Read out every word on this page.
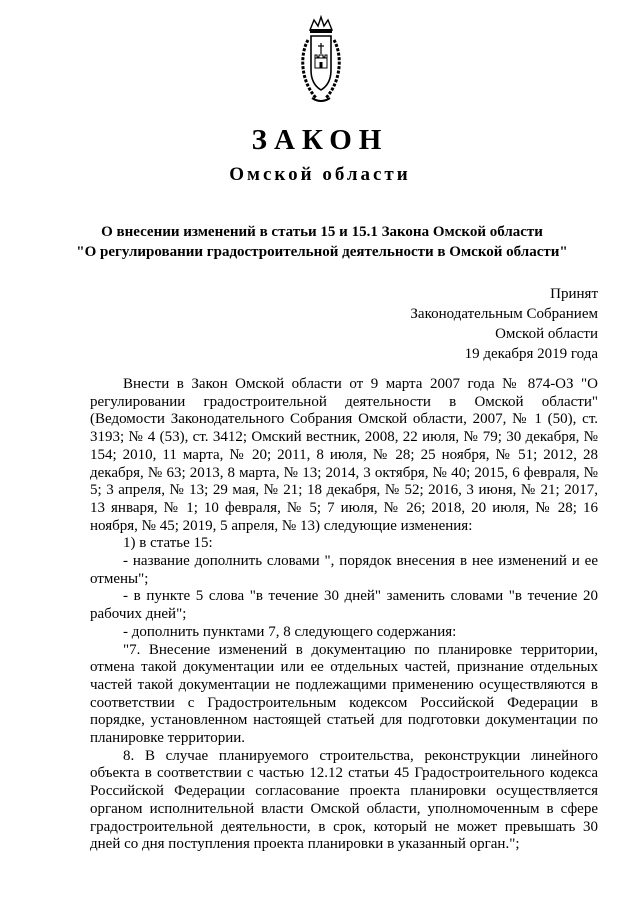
ЗАКОН
Омской области
О внесении изменений в статьи 15 и 15.1 Закона Омской области
"О регулировании градостроительной деятельности в Омской области"
Принят
Законодательным Собранием
Омской области
19 декабря 2019 года

Внести в Закон Омской области от 9 марта 2007 года № 874-ОЗ "О регулировании градостроительной деятельности в Омской области" (Ведомости Законодательного Собрания Омской области, 2007, № 1 (50), ст. 3193; № 4 (53), ст. 3412; Омский вестник, 2008, 22 июля, № 79; 30 декабря, № 154; 2010, 11 марта, № 20; 2011, 8 июля, № 28; 25 ноября, № 51; 2012, 28 декабря, № 63; 2013, 8 марта, № 13; 2014, 3 октября, № 40; 2015, 6 февраля, № 5; 3 апреля, № 13; 29 мая, № 21; 18 декабря, № 52; 2016, 3 июня, № 21; 2017, 13 января, № 1; 10 февраля, № 5; 7 июля, № 26; 2018, 20 июля, № 28; 16 ноября, № 45; 2019, 5 апреля, № 13) следующие изменения:

1) в статье 15:

- название дополнить словами ", порядок внесения в нее изменений и ее отмены";

- в пункте 5 слова "в течение 30 дней" заменить словами "в течение 20 рабочих дней";

- дополнить пунктами 7, 8 следующего содержания:

"7. Внесение изменений в документацию по планировке территории, отмена такой документации или ее отдельных частей, признание отдельных частей такой документации не подлежащими применению осуществляются в соответствии с Градостроительным кодексом Российской Федерации в порядке, установленном настоящей статьей для подготовки документации по планировке территории.

8. В случае планируемого строительства, реконструкции линейного объекта в соответствии с частью 12.12 статьи 45 Градостроительного кодекса Российской Федерации согласование проекта планировки осуществляется органом исполнительной власти Омской области, уполномоченным в сфере градостроительной деятельности, в срок, который не может превышать 30 дней со дня поступления проекта планировки в указанный орган.";
